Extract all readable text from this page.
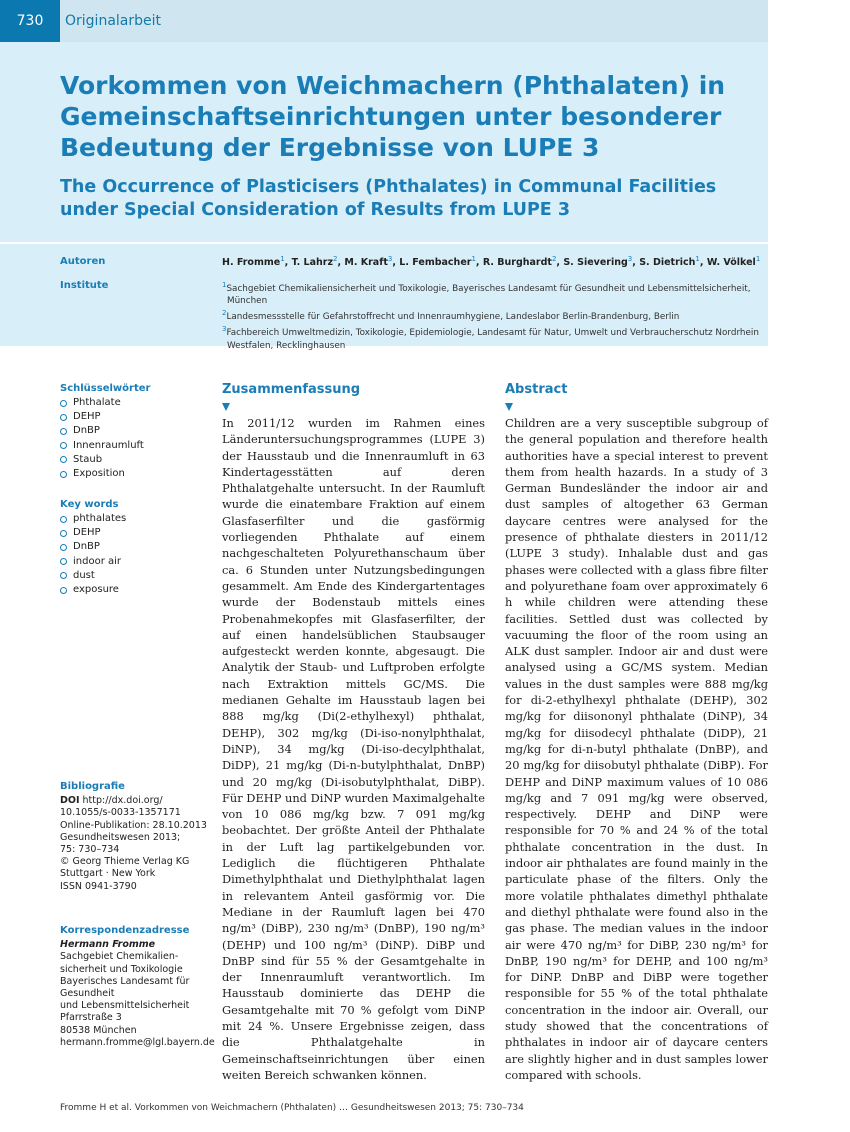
730	Originalarbeit
Vorkommen von Weichmachern (Phthalaten) in Gemeinschaftseinrichtungen unter besonderer Bedeutung der Ergebnisse von LUPE 3
The Occurrence of Plasticisers (Phthalates) in Communal Facilities under Special Consideration of Results from LUPE 3
Autoren
Institute
H. Fromme$^1$, T. Lahrz$^2$, M. Kraft$^3$, L. Fembacher$^1$, R. Burghardt$^2$, S. Sievering$^3$, S. Dietrich$^1$, W. Völkel$^1$
$^1$Sachgebiet Chemikaliensicherheit und Toxikologie, Bayerisches Landesamt für Gesundheit und Lebensmittelsicherheit, München
$^2$Landesmessstelle für Gefahrstoffrecht und Innenraumhygiene, Landeslabor Berlin-Brandenburg, Berlin
$^3$Fachbereich Umweltmedizin, Toxikologie, Epidemiologie, Landesamt für Natur, Umwelt und Verbraucherschutz Nordrhein Westfalen, Recklinghausen
Schlüsselwörter
Phthalate
DEHP
DnBP
Innenraumluft
Staub
Exposition
Key words
phthalates
DEHP
DnBP
indoor air
dust
exposure
Bibliografie
DOI http://dx.doi.org/
10.1055/s-0033-1357171
Online-Publikation: 28.10.2013
Gesundheitswesen 2013;
75: 730–734
© Georg Thieme Verlag KG
Stuttgart · New York
ISSN 0941-3790
Korrespondenzadresse
Hermann Fromme
Sachgebiet Chemikalien-
sicherheit und Toxikologie
Bayerisches Landesamt für
Gesundheit
und Lebensmittelsicherheit
Pfarrstraße 3
80538 München
hermann.fromme@lgl.bayern.de
Zusammenfassung

In 2011/12 wurden im Rahmen eines Länderuntersuchungsprogrammes (LUPE 3) der Hausstaub und die Innenraumluft in 63 Kindertagesstätten auf deren Phthalatgehalte untersucht. In der Raumluft wurde die einatembare Fraktion auf einem Glasfaserfilter und die gasförmig vorliegenden Phthalate auf einem nachgeschalteten Polyurethanschaum über ca. 6 Stunden unter Nutzungsbedingungen gesammelt. Am Ende des Kindergartentages wurde der Bodenstaub mittels eines Probenahmekopfes mit Glasfaserfilter, der auf einen handelsüblichen Staubsauger aufgesteckt werden konnte, abgesaugt. Die Analytik der Staub- und Luftproben erfolgte nach Extraktion mittels GC/MS. Die medianen Gehalte im Hausstaub lagen bei 888 mg/kg (Di(2-ethylhexyl) phthalat, DEHP), 302 mg/kg (Di-iso-nonylphthalat, DiNP), 34 mg/kg (Di-iso-decylphthalat, DiDP), 21 mg/kg (Di-n-butylphthalat, DnBP) und 20 mg/kg (Di-isobutylphthalat, DiBP). Für DEHP und DiNP wurden Maximalgehalte von 10 086 mg/kg bzw. 7 091 mg/kg beobachtet. Der größte Anteil der Phthalate in der Luft lag partikelgebunden vor. Lediglich die flüchtigeren Phthalate Dimethylphthalat und Diethylphthalat lagen in relevantem Anteil gasförmig vor. Die Mediane in der Raumluft lagen bei 470 ng/m³ (DiBP), 230 ng/m³ (DnBP), 190 ng/m³ (DEHP) und 100 ng/m³ (DiNP). DiBP und DnBP sind für 55 % der Gesamtgehalte in der Innenraumluft verantwortlich. Im Hausstaub dominierte das DEHP die Gesamtgehalte mit 70 % gefolgt vom DiNP mit 24 %. Unsere Ergebnisse zeigen, dass die Phthalatgehalte in Gemeinschaftseinrichtungen über einen weiten Bereich schwanken können.

Abstract

Children are a very susceptible subgroup of the general population and therefore health authorities have a special interest to prevent them from health hazards. In a study of 3 German Bundesländer the indoor air and dust samples of altogether 63 German daycare centres were analysed for the presence of phthalate diesters in 2011/12 (LUPE 3 study). Inhalable dust and gas phases were collected with a glass fibre filter and polyurethane foam over approximately 6 h while children were attending these facilities. Settled dust was collected by vacuuming the floor of the room using an ALK dust sampler. Indoor air and dust were analysed using a GC/MS system. Median values in the dust samples were 888 mg/kg for di-2-ethylhexyl phthalate (DEHP), 302 mg/kg for diisononyl phthalate (DiNP), 34 mg/kg for diisodecyl phthalate (DiDP), 21 mg/kg for di-n-butyl phthalate (DnBP), and 20 mg/kg for diisobutyl phthalate (DiBP). For DEHP and DiNP maximum values of 10 086 mg/kg and 7 091 mg/kg were observed, respectively. DEHP and DiNP were responsible for 70 % and 24 % of the total phthalate concentration in the dust. In indoor air phthalates are found mainly in the particulate phase of the filters. Only the more volatile phthalates dimethyl phthalate and diethyl phthalate were found also in the gas phase. The median values in the indoor air were 470 ng/m³ for DiBP, 230 ng/m³ for DnBP, 190 ng/m³ for DEHP, and 100 ng/m³ for DiNP. DnBP and DiBP were together responsible for 55 % of the total phthalate concentration in the indoor air. Overall, our study showed that the concentrations of phthalates in indoor air of daycare centers are slightly higher and in dust samples lower compared with schools.

Fromme H et al. Vorkommen von Weichmachern (Phthalaten) … Gesundheitswesen 2013; 75: 730–734
